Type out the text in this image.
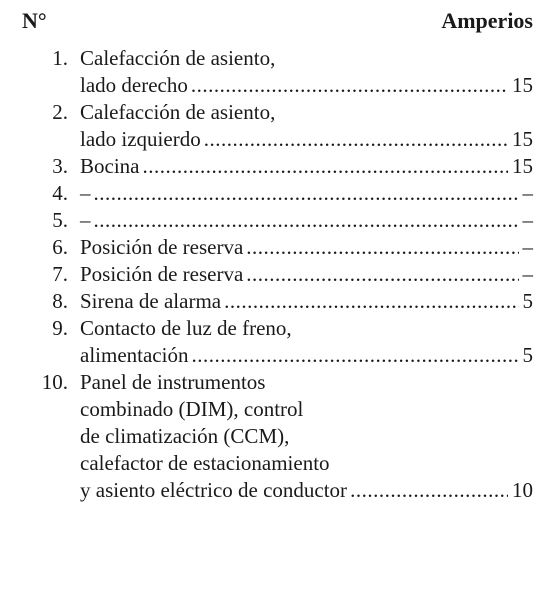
N°	Amperios
1. Calefacción de asiento,
lado derecho .....	15
2. Calefacción de asiento,
lado izquierdo .....	15
3. Bocina .....	15
4. – .....	–
5. – .....	–
6. Posición de reserva .....	–
7. Posición de reserva .....	–
8. Sirena de alarma .....	5
9. Contacto de luz de freno,
alimentación .....	5
10. Panel de instrumentos
combinado (DIM), control
de climatización (CCM),
calefactor de estacionamiento
y asiento eléctrico de conductor .....	10
